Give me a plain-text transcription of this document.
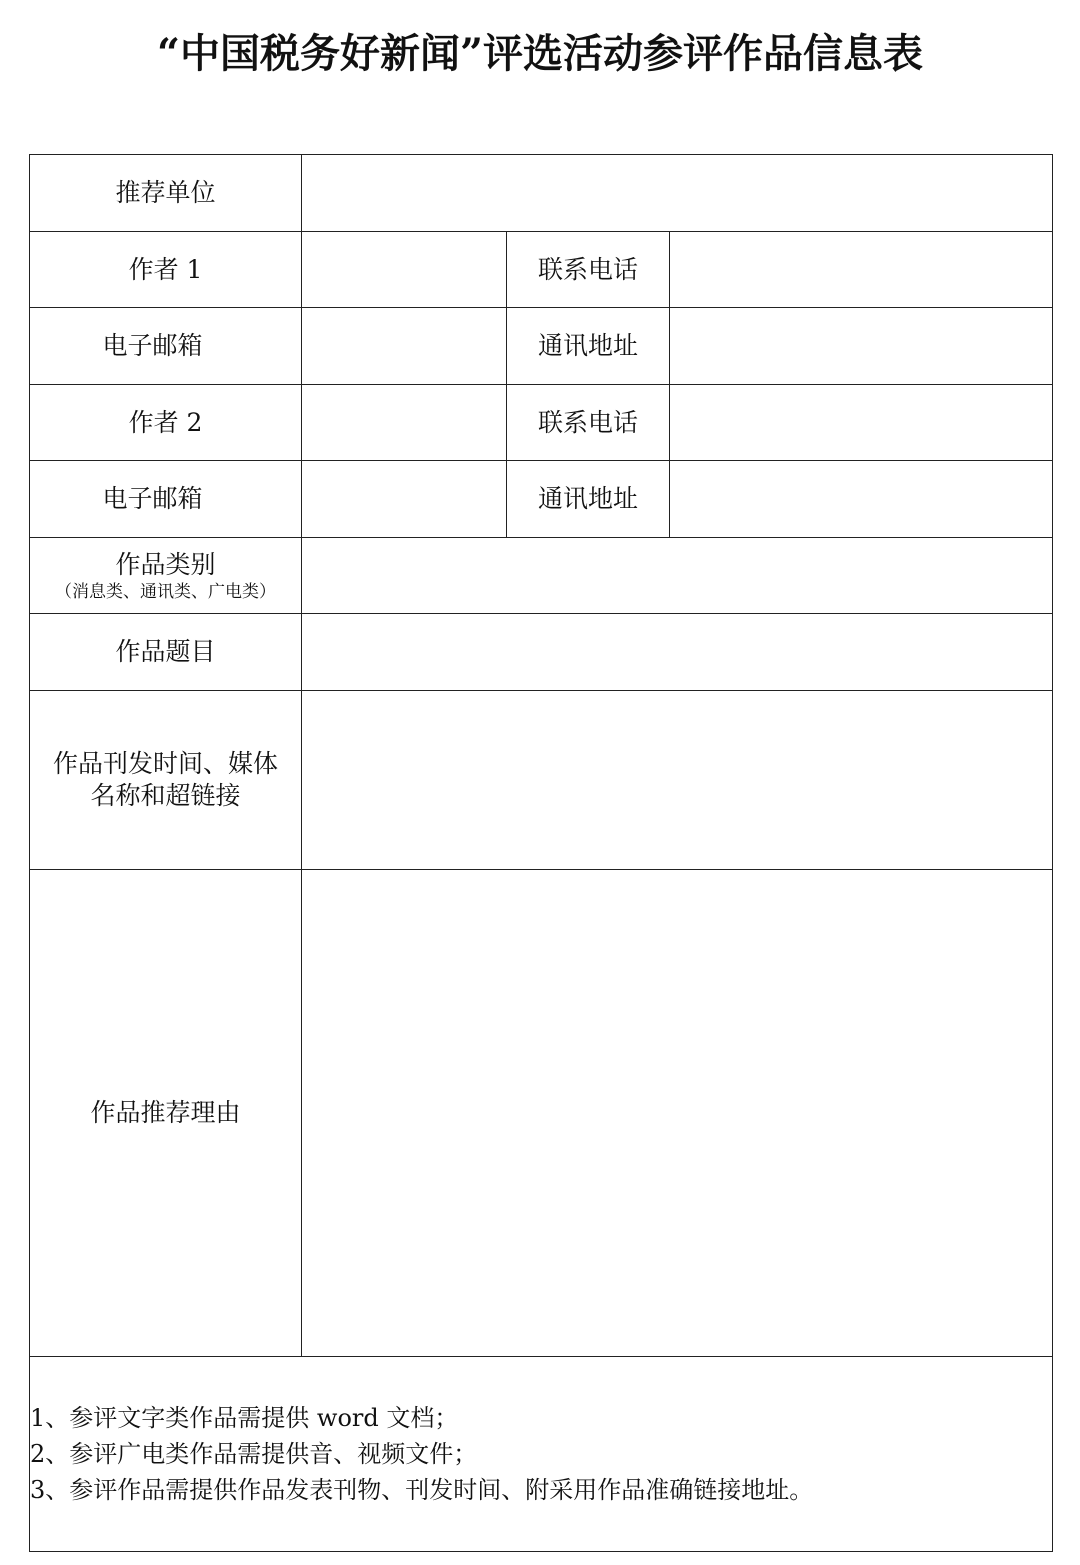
“中国税务好新闻”评选活动参评作品信息表
推荐单位			
作者 1		联系电话	
电子邮箱		通讯地址	
作者 2		联系电话	
电子邮箱		通讯地址	

作品类别
（消息类、通讯类、广电类）			

作品题目			

作品刊发时间、媒体
名称和超链接			

作品推荐理由			

1、参评文字类作品需提供 word 文档；
2、参评广电类作品需提供音、视频文件；
3、参评作品需提供作品发表刊物、刊发时间、附采用作品准确链接地址。			
